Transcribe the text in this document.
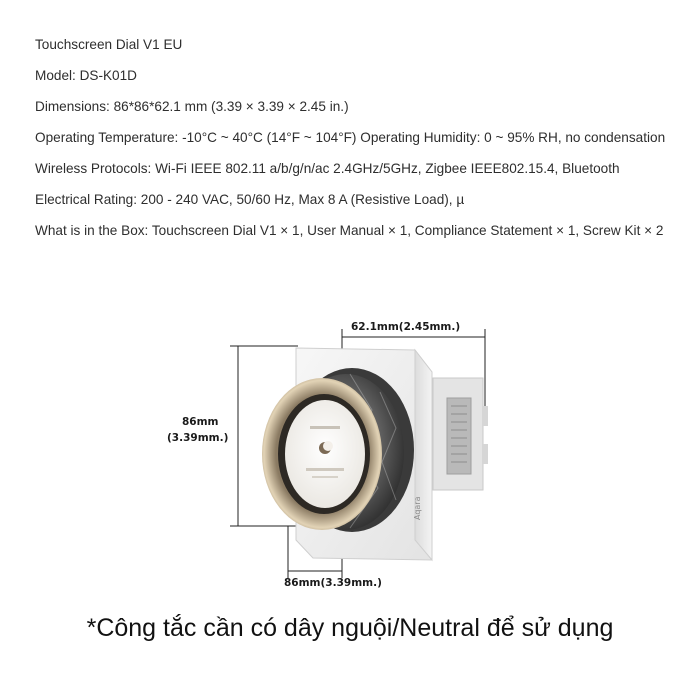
Touchscreen Dial V1 EU

Model: DS-K01D

Dimensions: 86*86*62.1 mm (3.39 × 3.39 × 2.45 in.)

Operating Temperature: -10°C ~ 40°C (14°F ~ 104°F) Operating Humidity: 0 ~ 95% RH, no condensation

Wireless Protocols: Wi-Fi IEEE 802.11 a/b/g/n/ac 2.4GHz/5GHz, Zigbee IEEE802.15.4, Bluetooth

Electrical Rating: 200 - 240 VAC, 50/60 Hz, Max 8 A (Resistive Load), µ

What is in the Box: Touchscreen Dial V1 × 1, User Manual × 1, Compliance Statement × 1, Screw Kit × 2

Aqara
62.1mm(2.45mm.)
86mm
(3.39mm.)
86mm(3.39mm.)
*Công tắc cần có dây nguội/Neutral để sử dụng
